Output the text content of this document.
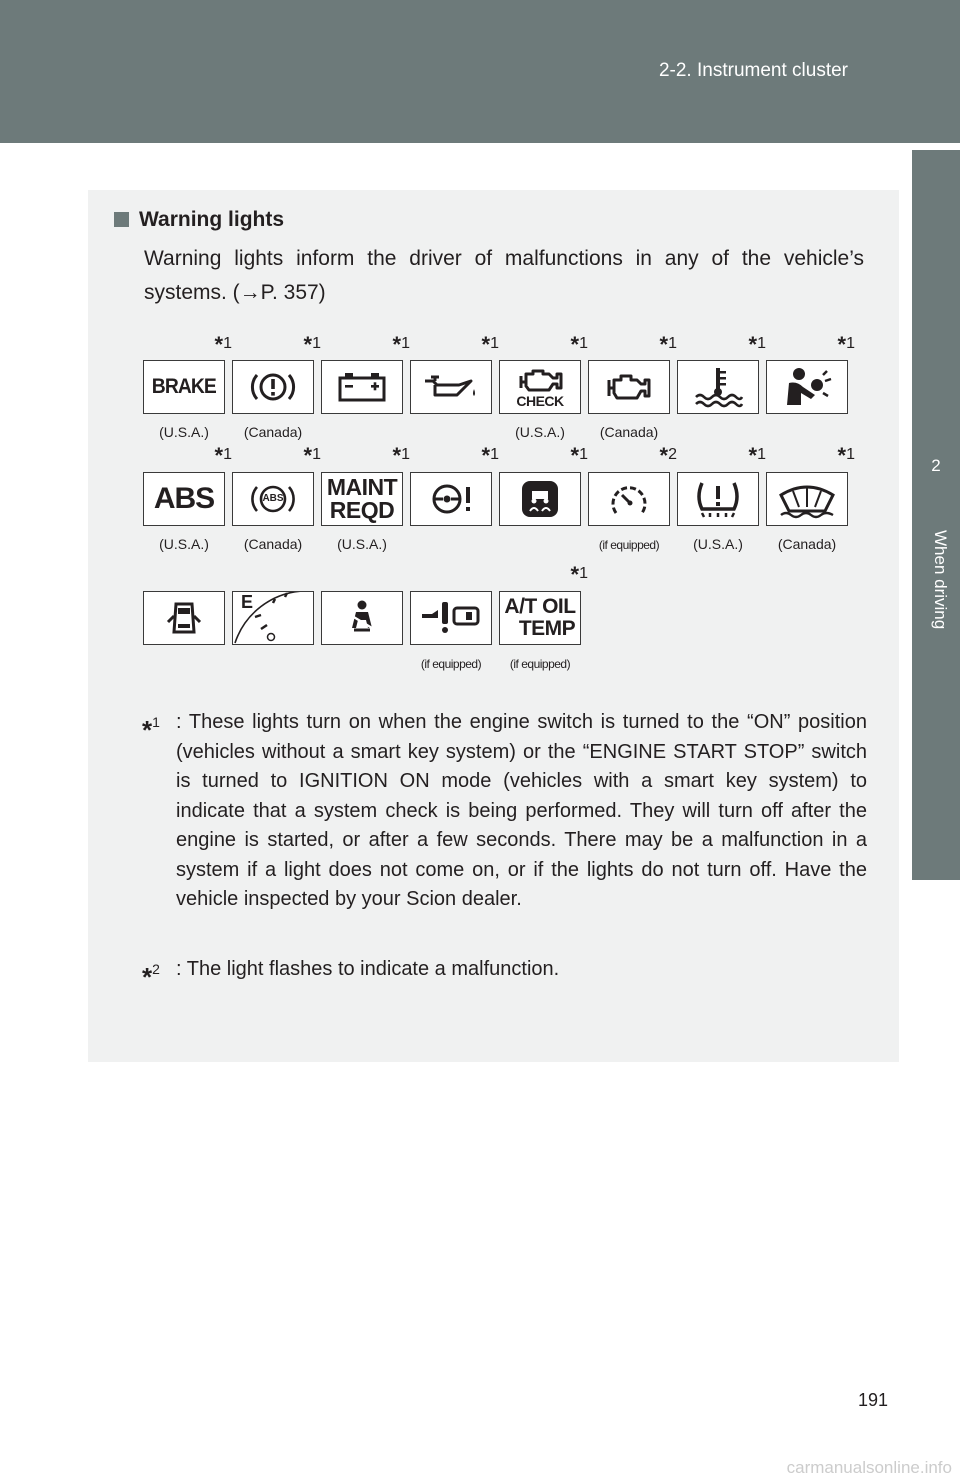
2-2. Instrument cluster
2
When driving
Warning lights
Warning lights inform the driver of malfunctions in any of the vehicle’s systems. (→P. 357)
*1	*1	*1	*1	*1	*1	*1	*1
BRAKE
CHECK
(U.S.A.)	(Canada)	(U.S.A.)	(Canada)
*1	*1	*1	*1	*1	*2	*1	*1
ABS	ABS	MAINT
REQD
(U.S.A.)	(Canada)	(U.S.A.)	(if equipped)	(U.S.A.)	(Canada)
*1
E	A/T OIL
TEMP
(if equipped)	(if equipped)
*$^1$ : These lights turn on when the engine switch is turned to the “ON” position (vehicles without a smart key system) or the “ENGINE START STOP” switch is turned to IGNITION ON mode (vehicles with a smart key system) to indicate that a system check is being performed. They will turn off after the engine is started, or after a few seconds. There may be a malfunction in a system if a light does not come on, or if the lights do not turn off. Have the vehicle inspected by your Scion dealer.
*$^2$ : The light flashes to indicate a malfunction.
191
carmanualsonline.info
